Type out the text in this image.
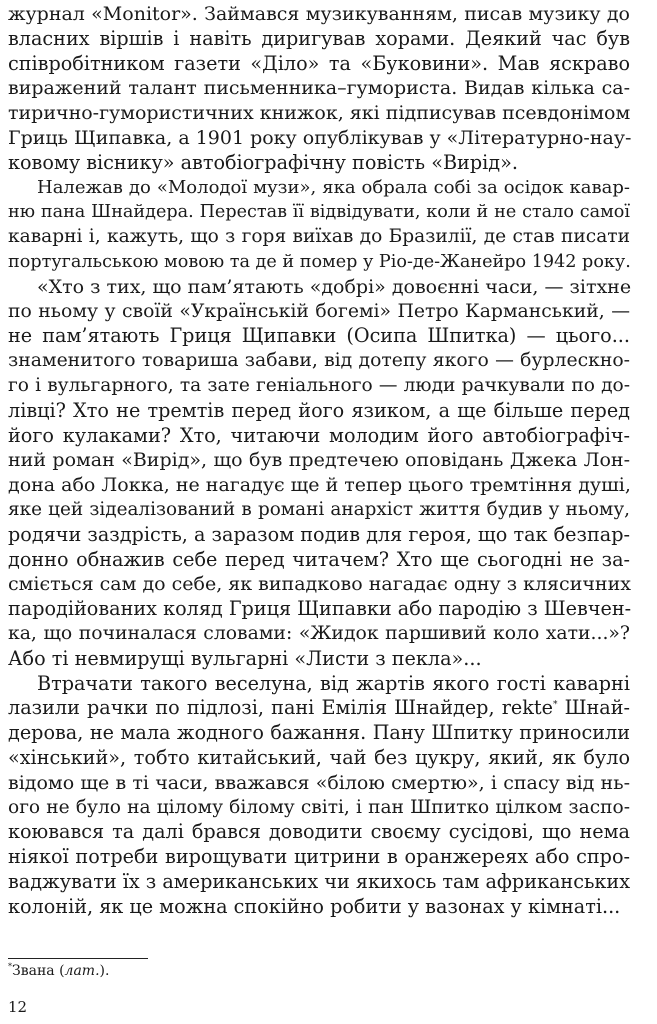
журнал «Monitor». Займався музикуванням, писав музику до
власних віршів і навіть диригував хорами. Деякий час був
співробітником газети «Діло» та «Буковини». Мав яскраво
виражений талант письменника–гумориста. Видав кілька са-
тирично-гумористичних книжок, які підписував псевдонімом
Гриць Щипавка, а 1901 року опублікував у «Літературно-нау-
ковому віснику» автобіографічну повість «Вирід».
Належав до «Молодої музи», яка обрала собі за осідок кавар-
ню пана Шнайдера. Перестав її відвідувати, коли й не стало самої
каварні і, кажуть, що з горя виїхав до Бразилії, де став писати
португальською мовою та де й помер у Ріо-де-Жанейро 1942 року.
«Хто з тих, що пам’ятають «добрі» довоєнні часи, — зітхне
по ньому у своїй «Українській богемі» Петро Карманський, —
не пам’ятають Гриця Щипавки (Осипа Шпитка) — цього...
знаменитого товариша забави, від дотепу якого — бурлескно-
го і вульгарного, та зате геніального — люди рачкували по до-
лівці? Хто не тремтів перед його язиком, а ще більше перед
його кулаками? Хто, читаючи молодим його автобіографіч-
ний роман «Вирід», що був предтечею оповідань Джека Лон-
дона або Локка, не нагадує ще й тепер цього тремтіння душі,
яке цей зідеалізований в романі анархіст життя будив у ньому,
родячи заздрість, а заразом подив для героя, що так безпар-
донно обнажив себе перед читачем? Хто ще сьогодні не за-
сміється сам до себе, як випадково нагадає одну з клясичних
пародійованих коляд Гриця Щипавки або пародію з Шевчен-
ка, що починалася словами: «Жидок паршивий коло хати...»?
Або ті невмирущі вульгарні «Листи з пекла»...
Втрачати такого веселуна, від жартів якого гості каварні
лазили рачки по підлозі, пані Емілія Шнайдер, rekte* Шнай-
дерова, не мала жодного бажання. Пану Шпитку приносили
«хінський», тобто китайський, чай без цукру, який, як було
відомо ще в ті часи, вважався «білою смертю», і спасу від нь-
ого не було на цілому білому світі, і пан Шпитко цілком заспо-
коювався та далі брався доводити своєму сусідові, що нема
ніякої потреби вирощувати цитрини в оранжереях або спро-
ваджувати їх з американських чи якихось там африканських
колоній, як це можна спокійно робити у вазонах у кімнаті...
*Звана (лат.).
12
